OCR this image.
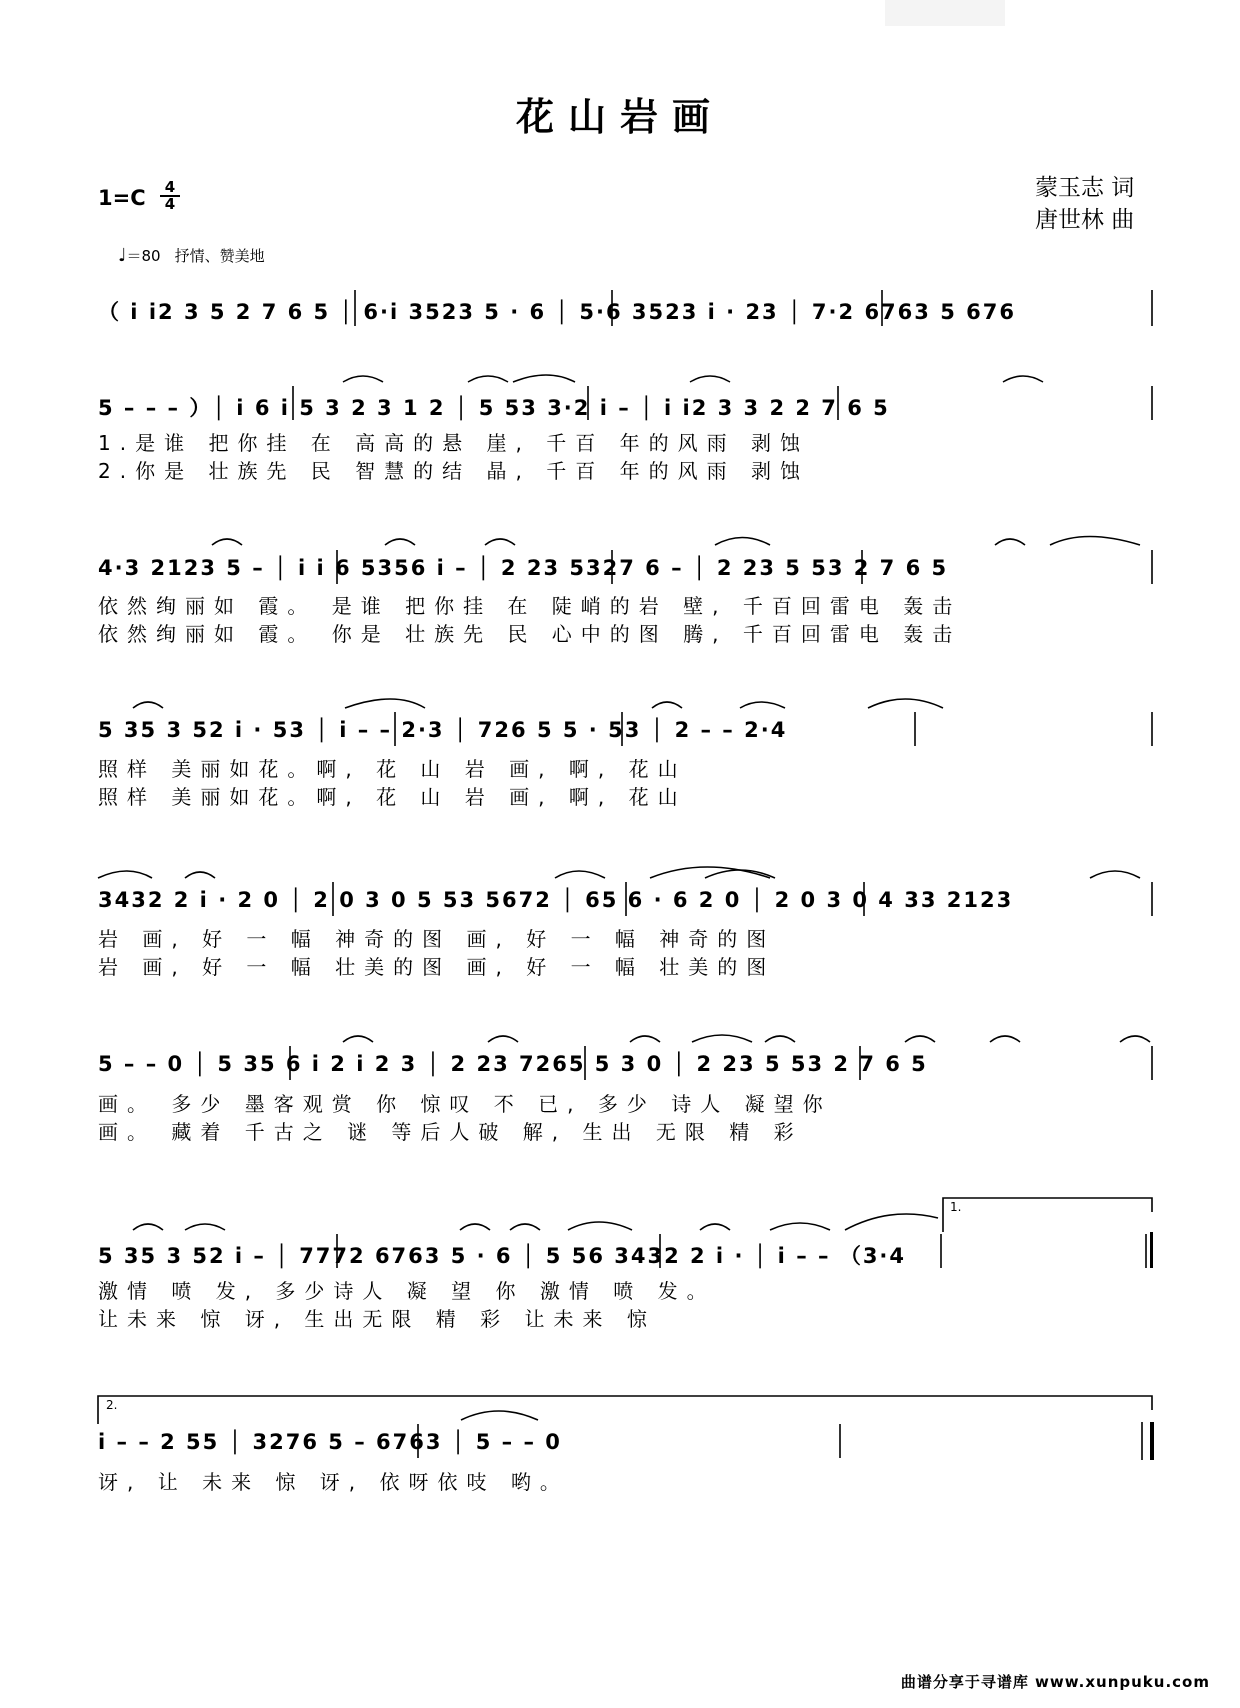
花山岩画
1=C	4
4
蒙玉志 词
唐世林 曲
♩＝80 抒情、赞美地
（ i i2 3 5 2 7 6 5 │ 6·i 3523 5 · 6 │ 5·6 3523 i · 23 │ 7·2 6763 5 676
5 – – – ）│ i 6 i 5 3 2 3 1 2 │ 5 53 3·2 i – │ i i2 3 3 2 2 7 6 5
1.是谁 把你挂 在 高高的悬 崖, 千百 年的风雨 剥蚀
2.你是 壮族先 民 智慧的结 晶, 千百 年的风雨 剥蚀
4·3 2123 5 – │ i i 6 5356 i – │ 2 23 5327 6 – │ 2 23 5 53 2 7 6 5
依然绚丽如 霞。 是谁 把你挂 在 陡峭的岩 壁, 千百回雷电 轰击
依然绚丽如 霞。 你是 壮族先 民 心中的图 腾, 千百回雷电 轰击
5 35 3 52 i · 53 │ i – – 2·3 │ 726 5 5 · 53 │ 2 – – 2·4
照样 美丽如花。啊, 花 山 岩 画, 啊, 花山
照样 美丽如花。啊, 花 山 岩 画, 啊, 花山
3432 2 i · 2 0 │ 2 0 3 0 5 53 5672 │ 65 6 · 6 2 0 │ 2 0 3 0 4 33 2123
岩 画, 好 一 幅 神奇的图 画, 好 一 幅 神奇的图
岩 画, 好 一 幅 壮美的图 画, 好 一 幅 壮美的图
5 – – 0 │ 5 35 6 i 2 i 2 3 │ 2 23 7265 5 3 0 │ 2 23 5 53 2 7 6 5
画。 多少 墨客观赏 你 惊叹 不 已, 多少 诗人 凝望你
画。 藏着 千古之 谜 等后人破 解, 生出 无限 精 彩
1.
5 35 3 52 i – │ 7772 6763 5 · 6 │ 5 56 3432 2 i · │ i – – （3·4
激情 喷 发, 多少诗人 凝 望 你 激情 喷 发。
让未来 惊 讶, 生出无限 精 彩 让未来 惊
2.
i – – 2 55 │ 3276 5 – 6763 │ 5 – – 0
讶, 让 未来 惊 讶, 依呀依吱 哟。
曲谱分享于寻谱库 www.xunpuku.com
